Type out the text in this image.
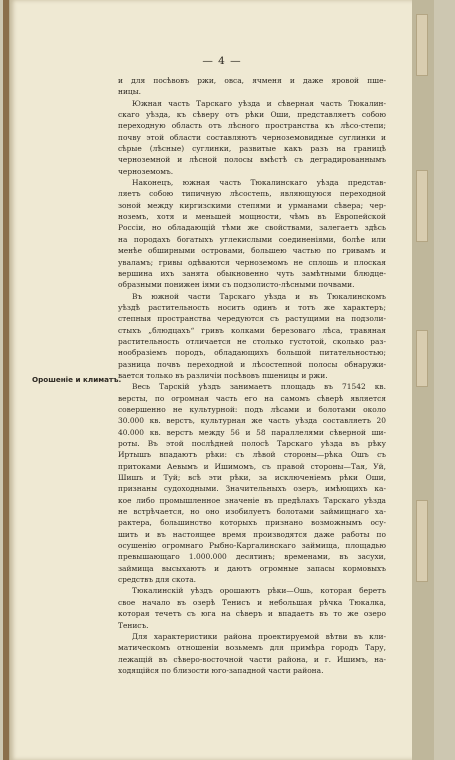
— 4 —
Орошеніе и климатъ.

и для посѣвовъ ржи, овса, ячменя и даже яровой пше-
ницы.

Южная часть Тарскаго уѣзда и сѣверная часть Тюкалин-
скаго уѣзда, къ сѣверу отъ рѣки Оши, представляетъ собою
переходную область отъ лѣсного пространства къ лѣсо-степи;
почву этой области составляютъ черноземовидные суглинки и
сѣрые (лѣсные) суглинки, развитые какъ разъ на границѣ
черноземной и лѣсной полосы вмѣстѣ съ деградированнымъ
черноземомъ.

Наконецъ, южная часть Тюкалинскаго уѣзда представ-
ляетъ собою типичную лѣсостепь, являющуюся переходной
зоной между киргизскими степями и урманами сѣвера; чер-
ноземъ, хотя и меньшей мощности, чѣмъ въ Европейской
Россіи, но обладающій тѣми же свойствами, залегаетъ здѣсь
на породахъ богатыхъ углекислыми соединеніями, болѣе или
менѣе обширными островами, большею частью по гривамъ и
уваламъ; гривы одѣваются черноземомъ не сплошь и плоская
вершина ихъ занята обыкновенно чуть замѣтными блюдце-
образными понижен іями съ подзолисто-лѣсными почвами.

Въ южной части Тарскаго уѣзда и въ Тюкалинскомъ
уѣздѣ растительность носитъ одинъ и тотъ же характеръ;
степныя пространства чередуются съ растущими на подзоли-
стыхъ „блюдцахъ“ гривъ колками березоваго лѣса, травяная
растительность отличается не столько густотой, сколько раз-
нообразіемъ породъ, обладающихъ большой питательностью;
разница почвъ переходной и лѣсостепной полосы обнаружи-
вается только въ различіи посѣвовъ пшеницы и ржи.

Весь Тарскій уѣздъ занимаетъ площадь въ 71542 кв.
версты, по огромная часть его на самомъ сѣверѣ является
совершенно не культурной: подъ лѣсами и болотами около
30.000 кв. верстъ, культурная же часть уѣзда составляетъ 20
40.000 кв. верстъ между 56 и 58 параллелями сѣверной ши-
роты. Въ этой послѣдней полосѣ Тарскаго уѣзда въ рѣку
Иртышъ впадаютъ рѣки: съ лѣвой стороны—рѣка Ошъ съ
притоками Аевымъ и Ишимомъ, съ правой стороны—Тая, Уй,
Шишъ и Туй; всѣ эти рѣки, за исключеніемъ рѣки Оши,
признаны судоходными. Значительныхъ озеръ, имѣющихъ ка-
кое либо промышленное значеніе въ предѣлахъ Тарскаго уѣзда
не встрѣчается, но оно изобилуетъ болотами займищнаго ха-
рактера, большинство которыхъ признано возможнымъ осу-
шить и въ настоящее время производятся даже работы по
осушенію огромнаго Рыбно-Каргалинскаго займища, площадью
превышающаго 1.000.000 десятинъ; временами, въ засухи,
займища высыхаютъ и даютъ огромные запасы кормовыхъ
средствъ для скота.

Тюкалинскій уѣздъ орошаютъ рѣки—Ошь, которая беретъ
свое начало въ озерѣ Тенисъ и небольшая рѣчка Тюкалка,
которая течетъ съ юга на сѣверъ и впадаетъ въ то же озеро
Тенисъ.

Для характеристики района проектируемой вѣтви въ кли-
матическомъ отношеніи возьмемъ для примѣра городъ Тару,
лежащій въ сѣверо-восточной части района, и г. Ишимъ, на-
ходящійся по близости юго-западной части района.
